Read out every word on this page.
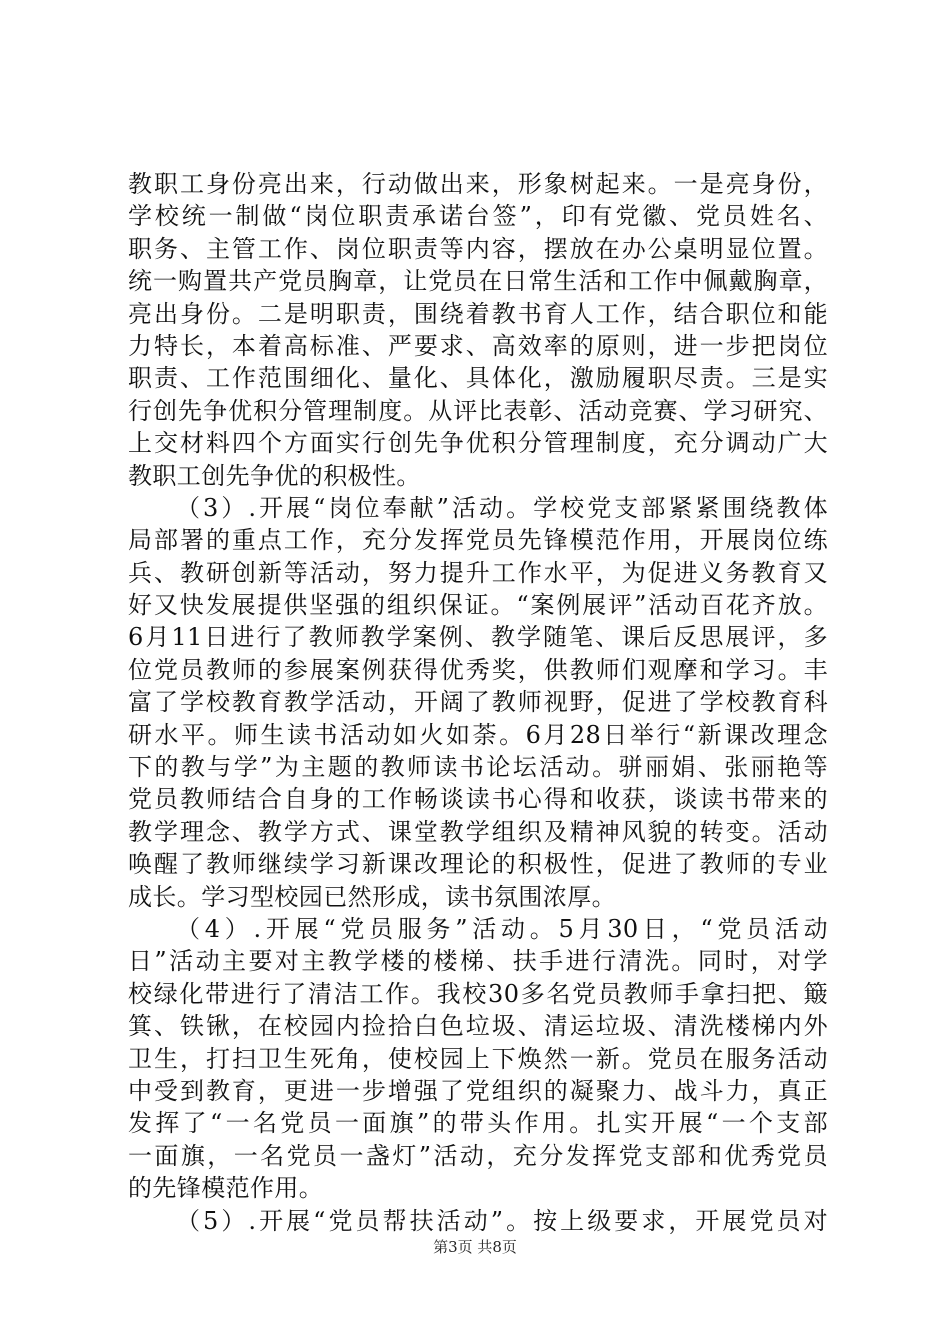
教职工身份亮出来，行动做出来，形象树起来。一是亮身份，
学校统一制做“岗位职责承诺台签”，印有党徽、党员姓名、
职务、主管工作、岗位职责等内容，摆放在办公桌明显位置。
统一购置共产党员胸章，让党员在日常生活和工作中佩戴胸章，
亮出身份。二是明职责，围绕着教书育人工作，结合职位和能
力特长，本着高标准、严要求、高效率的原则，进一步把岗位
职责、工作范围细化、量化、具体化，激励履职尽责。三是实
行创先争优积分管理制度。从评比表彰、活动竞赛、学习研究、
上交材料四个方面实行创先争优积分管理制度，充分调动广大
教职工创先争优的积极性。
（3）.开展“岗位奉献”活动。学校党支部紧紧围绕教体
局部署的重点工作，充分发挥党员先锋模范作用，开展岗位练
兵、教研创新等活动，努力提升工作水平，为促进义务教育又
好又快发展提供坚强的组织保证。“案例展评”活动百花齐放。
6月11日进行了教师教学案例、教学随笔、课后反思展评，多
位党员教师的参展案例获得优秀奖，供教师们观摩和学习。丰
富了学校教育教学活动，开阔了教师视野，促进了学校教育科
研水平。师生读书活动如火如荼。6月28日举行“新课改理念
下的教与学”为主题的教师读书论坛活动。骈丽娟、张丽艳等
党员教师结合自身的工作畅谈读书心得和收获，谈读书带来的
教学理念、教学方式、课堂教学组织及精神风貌的转变。活动
唤醒了教师继续学习新课改理论的积极性，促进了教师的专业
成长。学习型校园已然形成，读书氛围浓厚。
（4）.开展“党员服务”活动。5月30日，“党员活动
日”活动主要对主教学楼的楼梯、扶手进行清洗。同时，对学
校绿化带进行了清洁工作。我校30多名党员教师手拿扫把、簸
箕、铁锹，在校园内捡拾白色垃圾、清运垃圾、清洗楼梯内外
卫生，打扫卫生死角，使校园上下焕然一新。党员在服务活动
中受到教育，更进一步增强了党组织的凝聚力、战斗力，真正
发挥了“一名党员一面旗”的带头作用。扎实开展“一个支部
一面旗，一名党员一盏灯”活动，充分发挥党支部和优秀党员
的先锋模范作用。
（5）.开展“党员帮扶活动”。按上级要求，开展党员对
第3页 共8页
